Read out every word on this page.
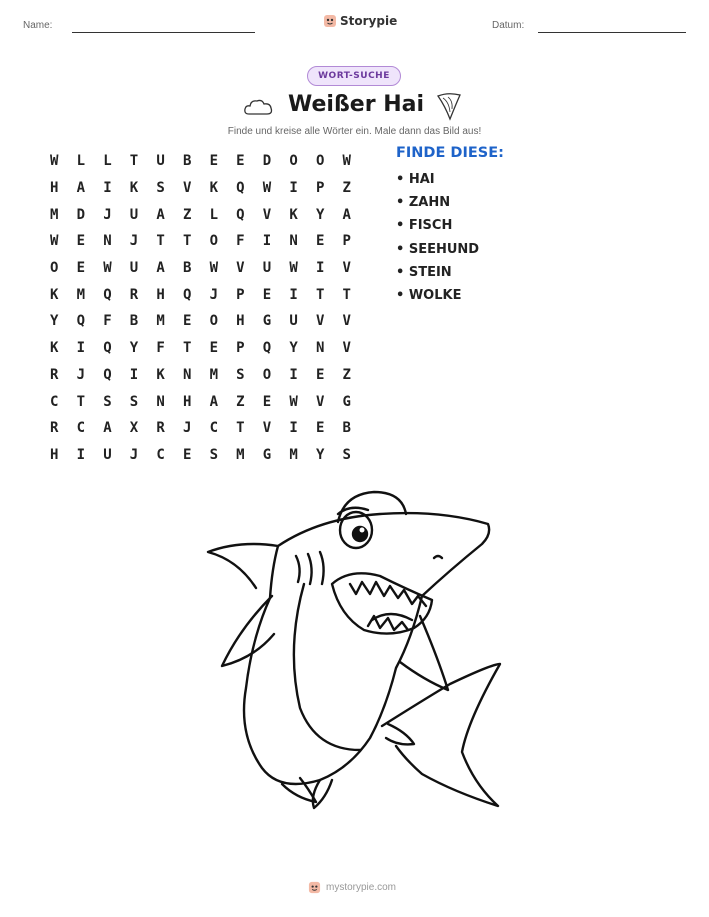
Name:	Storypie	Datum:
WORT-SUCHE
Weißer Hai
Finde und kreise alle Wörter ein. Male dann das Bild aus!
W	L	L	T	U	B	E	E	D	O	O	W
H	A	I	K	S	V	K	Q	W	I	P	Z
M	D	J	U	A	Z	L	Q	V	K	Y	A
W	E	N	J	T	T	O	F	I	N	E	P
O	E	W	U	A	B	W	V	U	W	I	V
K	M	Q	R	H	Q	J	P	E	I	T	T
Y	Q	F	B	M	E	O	H	G	U	V	V
K	I	Q	Y	F	T	E	P	Q	Y	N	V
R	J	Q	I	K	N	M	S	O	I	E	Z
C	T	S	S	N	H	A	Z	E	W	V	G
R	C	A	X	R	J	C	T	V	I	E	B
H	I	U	J	C	E	S	M	G	M	Y	S
FINDE DIESE:
• HAI
• ZAHN
• FISCH
• SEEHUND
• STEIN
• WOLKE
mystorypie.com
